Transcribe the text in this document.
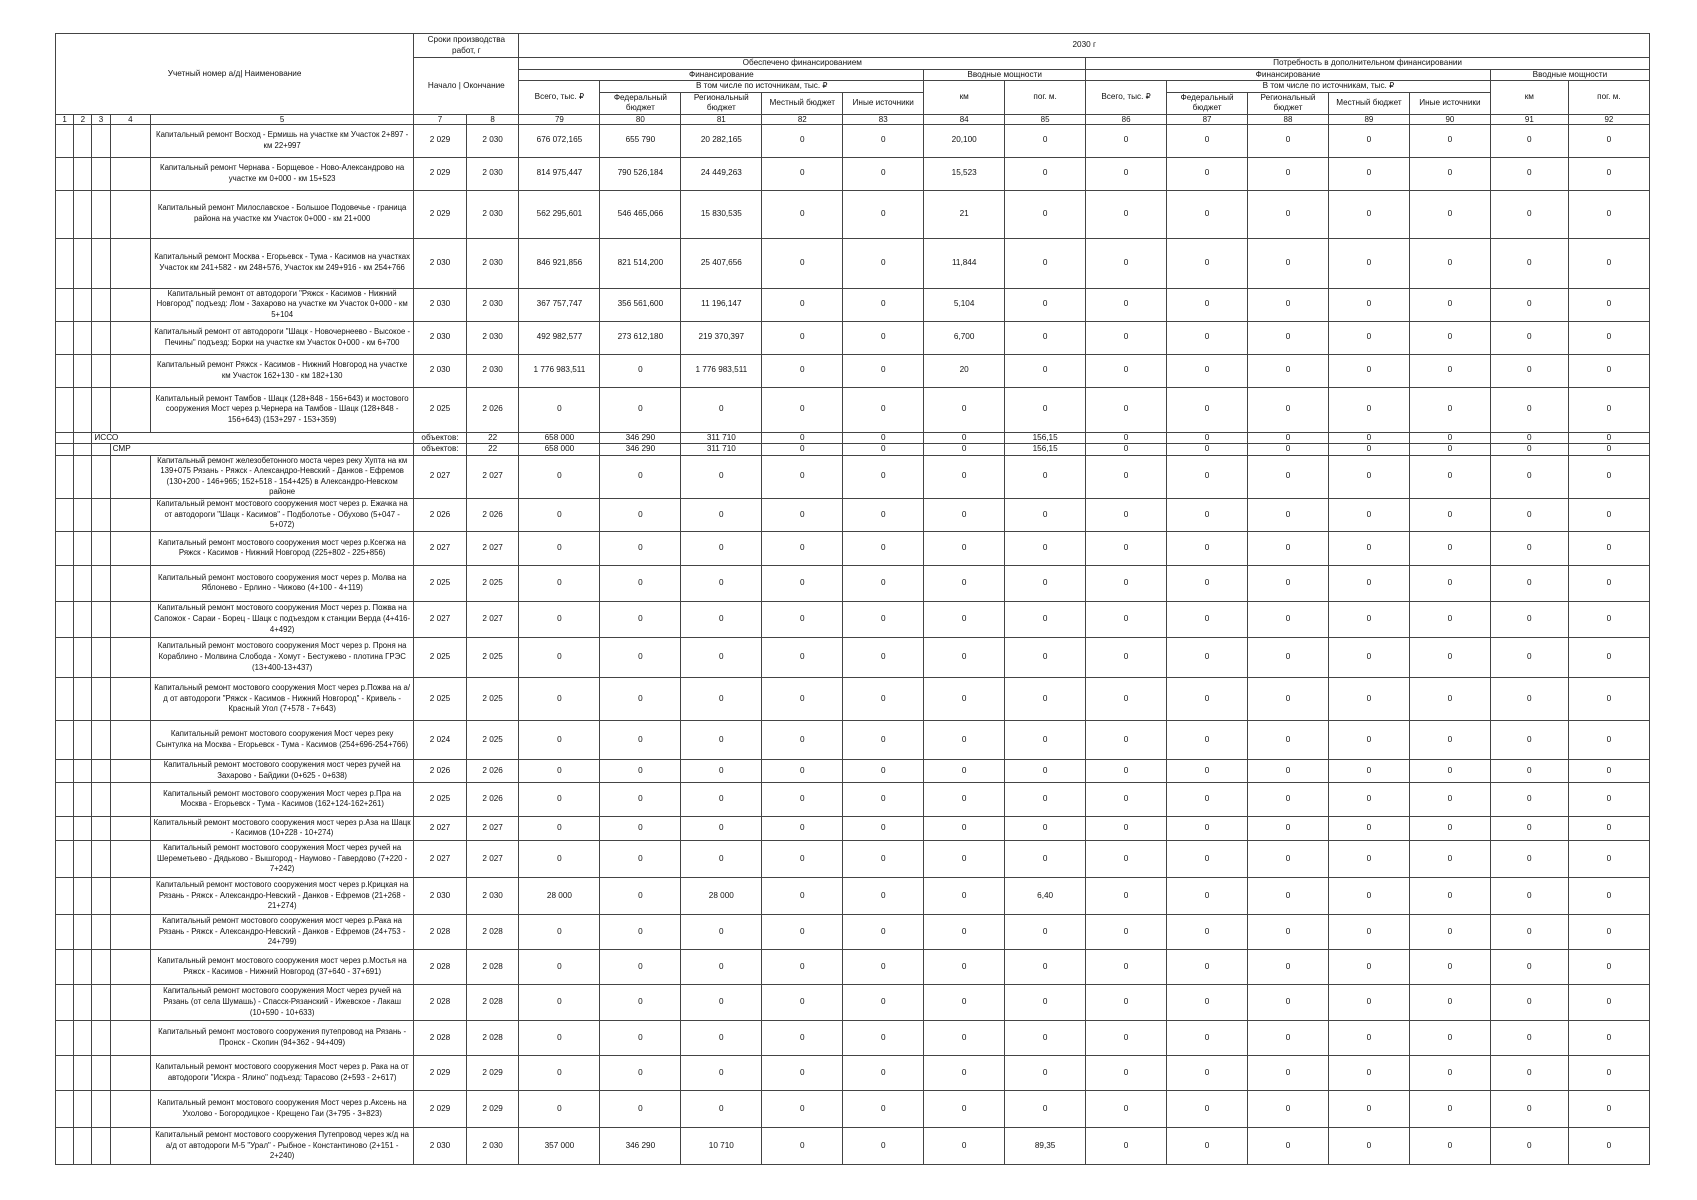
Учетный номер а/д| Наименование					Сроки производства работ, г		2030 г													
					Начало | Окончание		Обеспечено финансированием							Потребность в дополнительном финансировании						
							Финансирование					Вводные мощности		Финансирование					Вводные мощности	
							Всего, тыс. ₽	В том числе по источникам, тыс. ₽				км	пог. м.	Всего, тыс. ₽	В том числе по источникам, тыс. ₽				км	пог. м.
								Федеральный бюджет	Региональный бюджет	Местный бюджет	Иные источники				Федеральный бюджет	Региональный бюджет	Местный бюджет	Иные источники		
1	2	3	4	5	7	8	79	80	81	82	83	84	85	86	87	88	89	90	91	92
				Капитальный ремонт Восход - Ермишь на участке км Участок 2+897 - км 22+997	2 029	2 030	676 072,165	655 790	20 282,165	0	0	20,100	0	0	0	0	0	0	0	0
				Капитальный ремонт Чернава - Борщевое - Ново-Александрово на участке км 0+000 - км 15+523	2 029	2 030	814 975,447	790 526,184	24 449,263	0	0	15,523	0	0	0	0	0	0	0	0
				Капитальный ремонт Милославское - Большое Подовечье - граница района на участке км Участок 0+000 - км 21+000	2 029	2 030	562 295,601	546 465,066	15 830,535	0	0	21	0	0	0	0	0	0	0	0
				Капитальный ремонт Москва - Егорьевск - Тума - Касимов на участках Участок км 241+582 - км 248+576, Участок км 249+916 - км 254+766	2 030	2 030	846 921,856	821 514,200	25 407,656	0	0	11,844	0	0	0	0	0	0	0	0
				Капитальный ремонт от автодороги "Ряжск - Касимов - Нижний Новгород" подъезд: Лом - Захарово на участке км Участок 0+000 - км 5+104	2 030	2 030	367 757,747	356 561,600	11 196,147	0	0	5,104	0	0	0	0	0	0	0	0
				Капитальный ремонт от автодороги "Шацк - Новочернеево - Высокое - Печины" подъезд: Борки на участке км Участок 0+000 - км 6+700	2 030	2 030	492 982,577	273 612,180	219 370,397	0	0	6,700	0	0	0	0	0	0	0	0
				Капитальный ремонт Ряжск - Касимов - Нижний Новгород на участке км Участок 162+130 - км 182+130	2 030	2 030	1 776 983,511	0	1 776 983,511	0	0	20	0	0	0	0	0	0	0	0
				Капитальный ремонт Тамбов - Шацк (128+848 - 156+643) и мостового сооружения Мост через р.Чернера на Тамбов - Шацк (128+848 - 156+643) (153+297 - 153+359)	2 025	2 026	0	0	0	0	0	0	0	0	0	0	0	0	0	0
		ИССО			объектов:	22	658 000	346 290	311 710	0	0	0	156,15	0	0	0	0	0	0	0
			СМР		объектов:	22	658 000	346 290	311 710	0	0	0	156,15	0	0	0	0	0	0	0
				Капитальный ремонт железобетонного моста через реку Хупта на км 139+075 Рязань - Ряжск - Александро-Невский - Данков - Ефремов (130+200 - 146+965; 152+518 - 154+425) в Александро-Невском районе	2 027	2 027	0	0	0	0	0	0	0	0	0	0	0	0	0	0
				Капитальный ремонт мостового сооружения мост через р. Ежачка на от автодороги "Шацк - Касимов" - Подболотье - Обухово (5+047 - 5+072)	2 026	2 026	0	0	0	0	0	0	0	0	0	0	0	0	0	0
				Капитальный ремонт мостового сооружения мост через р.Ксегжа на Ряжск - Касимов - Нижний Новгород (225+802 - 225+856)	2 027	2 027	0	0	0	0	0	0	0	0	0	0	0	0	0	0
				Капитальный ремонт мостового сооружения мост через р. Молва на Яблонево - Ерлино - Чижово (4+100 - 4+119)	2 025	2 025	0	0	0	0	0	0	0	0	0	0	0	0	0	0
				Капитальный ремонт мостового сооружения Мост через р. Пожва на Сапожок - Сараи - Борец - Шацк с подъездом к станции Верда (4+416-4+492)	2 027	2 027	0	0	0	0	0	0	0	0	0	0	0	0	0	0
				Капитальный ремонт мостового сооружения Мост через р. Проня на Кораблино - Молвина Слобода - Хомут - Бестужево - плотина ГРЭС (13+400-13+437)	2 025	2 025	0	0	0	0	0	0	0	0	0	0	0	0	0	0
				Капитальный ремонт мостового сооружения Мост через р.Пожва на а/д от автодороги "Ряжск - Касимов - Нижний Новгород" - Кривель - Красный Угол (7+578 - 7+643)	2 025	2 025	0	0	0	0	0	0	0	0	0	0	0	0	0	0
				Капитальный ремонт мостового сооружения Мост через реку Сынтулка на Москва - Егорьевск - Тума - Касимов (254+696-254+766)	2 024	2 025	0	0	0	0	0	0	0	0	0	0	0	0	0	0
				Капитальный ремонт мостового сооружения мост через ручей на Захарово - Байдики (0+625 - 0+638)	2 026	2 026	0	0	0	0	0	0	0	0	0	0	0	0	0	0
				Капитальный ремонт мостового сооружения Мост через р.Пра на Москва - Егорьевск - Тума - Касимов (162+124-162+261)	2 025	2 026	0	0	0	0	0	0	0	0	0	0	0	0	0	0
				Капитальный ремонт мостового сооружения мост через р.Аза на Шацк - Касимов (10+228 - 10+274)	2 027	2 027	0	0	0	0	0	0	0	0	0	0	0	0	0	0
				Капитальный ремонт мостового сооружения Мост через ручей на Шереметьево - Дядьково - Вышгород - Наумово - Гавердово (7+220 - 7+242)	2 027	2 027	0	0	0	0	0	0	0	0	0	0	0	0	0	0
				Капитальный ремонт мостового сооружения мост через р.Крицкая на Рязань - Ряжск - Александро-Невский - Данков - Ефремов (21+268 - 21+274)	2 030	2 030	28 000	0	28 000	0	0	0	6,40	0	0	0	0	0	0	0
				Капитальный ремонт мостового сооружения мост через р.Рака на Рязань - Ряжск - Александро-Невский - Данков - Ефремов (24+753 - 24+799)	2 028	2 028	0	0	0	0	0	0	0	0	0	0	0	0	0	0
				Капитальный ремонт мостового сооружения мост через р.Мостья на Ряжск - Касимов - Нижний Новгород (37+640 - 37+691)	2 028	2 028	0	0	0	0	0	0	0	0	0	0	0	0	0	0
				Капитальный ремонт мостового сооружения Мост через ручей на Рязань (от села Шумашь) - Спасск-Рязанский - Ижевское - Лакаш (10+590 - 10+633)	2 028	2 028	0	0	0	0	0	0	0	0	0	0	0	0	0	0
				Капитальный ремонт мостового сооружения путепровод на Рязань - Пронск - Скопин (94+362 - 94+409)	2 028	2 028	0	0	0	0	0	0	0	0	0	0	0	0	0	0
				Капитальный ремонт мостового сооружения Мост через р. Рака на от автодороги "Искра - Ялино" подъезд: Тарасово (2+593 - 2+617)	2 029	2 029	0	0	0	0	0	0	0	0	0	0	0	0	0	0
				Капитальный ремонт мостового сооружения Мост через р.Аксень на Ухолово - Богородицкое - Крещено Гаи (3+795 - 3+823)	2 029	2 029	0	0	0	0	0	0	0	0	0	0	0	0	0	0
				Капитальный ремонт мостового сооружения Путепровод через ж/д на а/д от автодороги М-5 "Урал" - Рыбное - Константиново (2+151 - 2+240)	2 030	2 030	357 000	346 290	10 710	0	0	0	89,35	0	0	0	0	0	0	0
